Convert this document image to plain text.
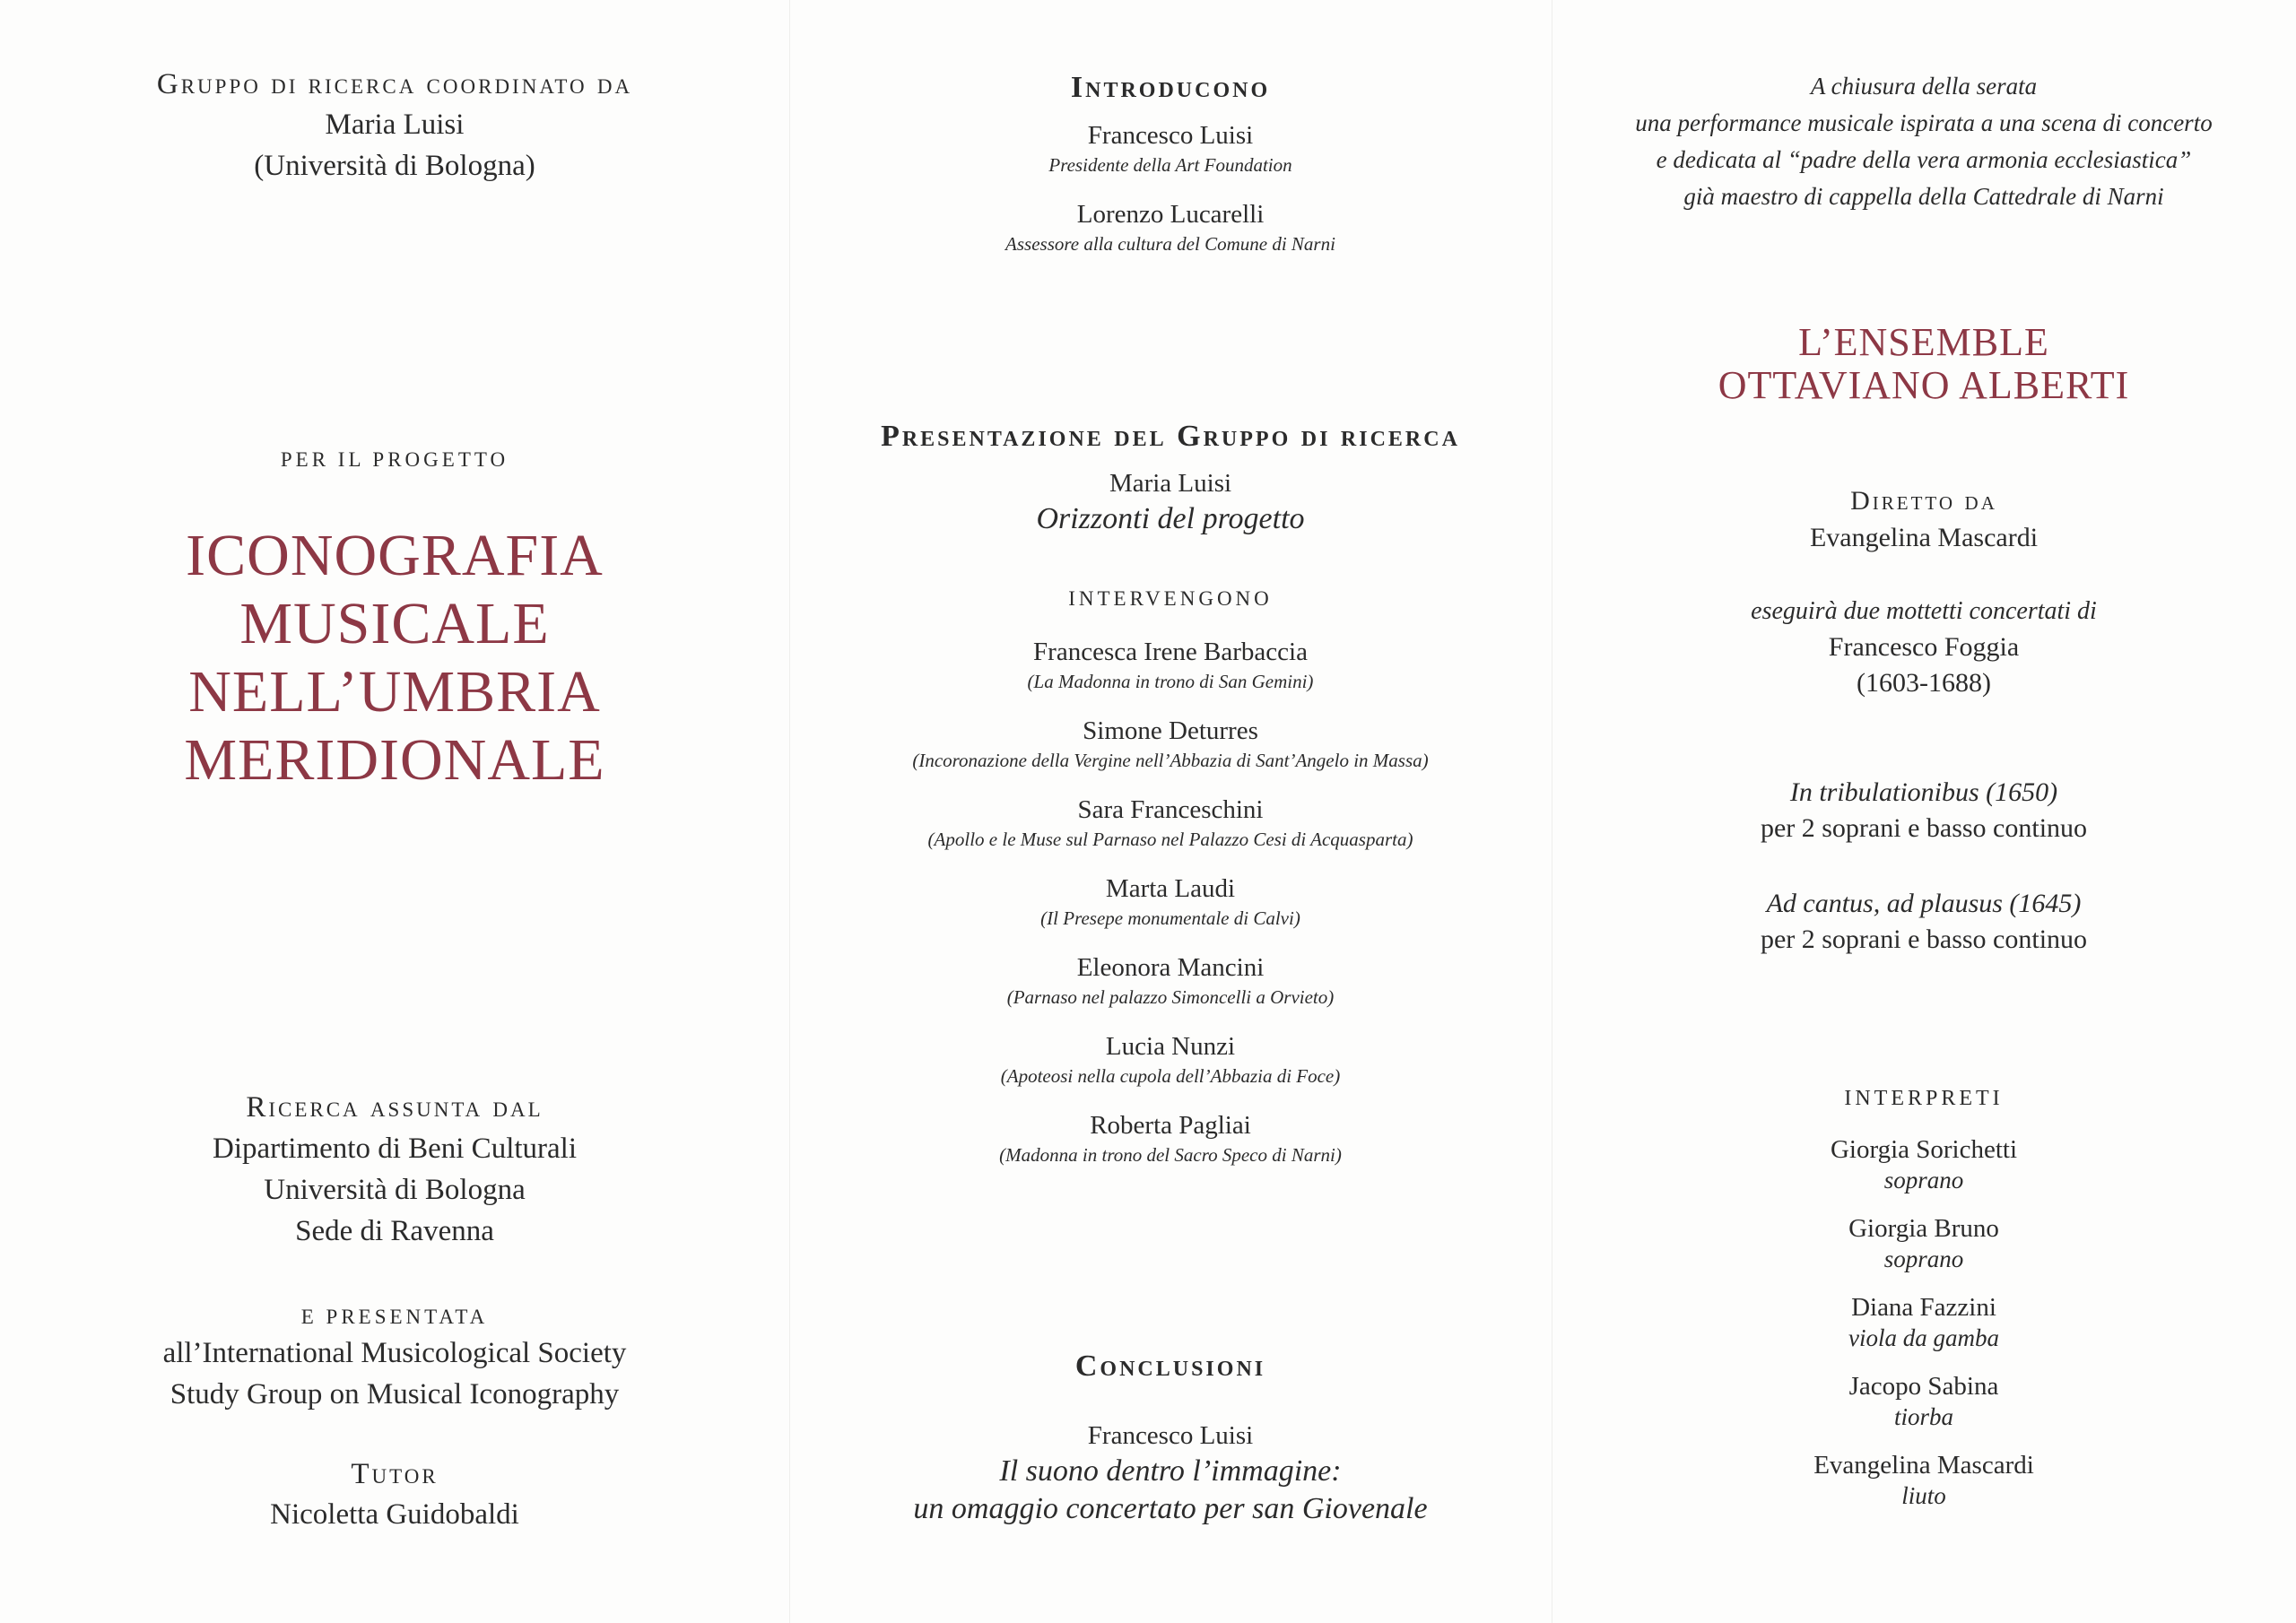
Gruppo di ricerca coordinato da
Maria Luisi
(Università di Bologna)
PER IL PROGETTO
ICONOGRAFIA
MUSICALE
NELL’UMBRIA
MERIDIONALE
Ricerca assunta dal
Dipartimento di Beni Culturali
Università di Bologna
Sede di Ravenna
E PRESENTATA
all’International Musicological Society
Study Group on Musical Iconography
Tutor
Nicoletta Guidobaldi
Introducono
Francesco Luisi
Presidente della Art Foundation
Lorenzo Lucarelli
Assessore alla cultura del Comune di Narni
Presentazione del Gruppo di ricerca
Maria Luisi
Orizzonti del progetto
INTERVENGONO
Francesca Irene Barbaccia
(La Madonna in trono di San Gemini)
Simone Deturres
(Incoronazione della Vergine nell’Abbazia di Sant’Angelo in Massa)
Sara Franceschini
(Apollo e le Muse sul Parnaso nel Palazzo Cesi di Acquasparta)
Marta Laudi
(Il Presepe monumentale di Calvi)
Eleonora Mancini
(Parnaso nel palazzo Simoncelli a Orvieto)
Lucia Nunzi
(Apoteosi nella cupola dell’Abbazia di Foce)
Roberta Pagliai
(Madonna in trono del Sacro Speco di Narni)
Conclusioni
Francesco Luisi
Il suono dentro l’immagine:
un omaggio concertato per san Giovenale
A chiusura della serata
una performance musicale ispirata a una scena di concerto
e dedicata al “padre della vera armonia ecclesiastica”
già maestro di cappella della Cattedrale di Narni
L’ENSEMBLE
OTTAVIANO ALBERTI
Diretto da
Evangelina Mascardi
eseguirà due mottetti concertati di
Francesco Foggia
(1603-1688)
In tribulationibus (1650)
per 2 soprani e basso continuo
Ad cantus, ad plausus (1645)
per 2 soprani e basso continuo
INTERPRETI
Giorgia Sorichetti
soprano
Giorgia Bruno
soprano
Diana Fazzini
viola da gamba
Jacopo Sabina
tiorba
Evangelina Mascardi
liuto
